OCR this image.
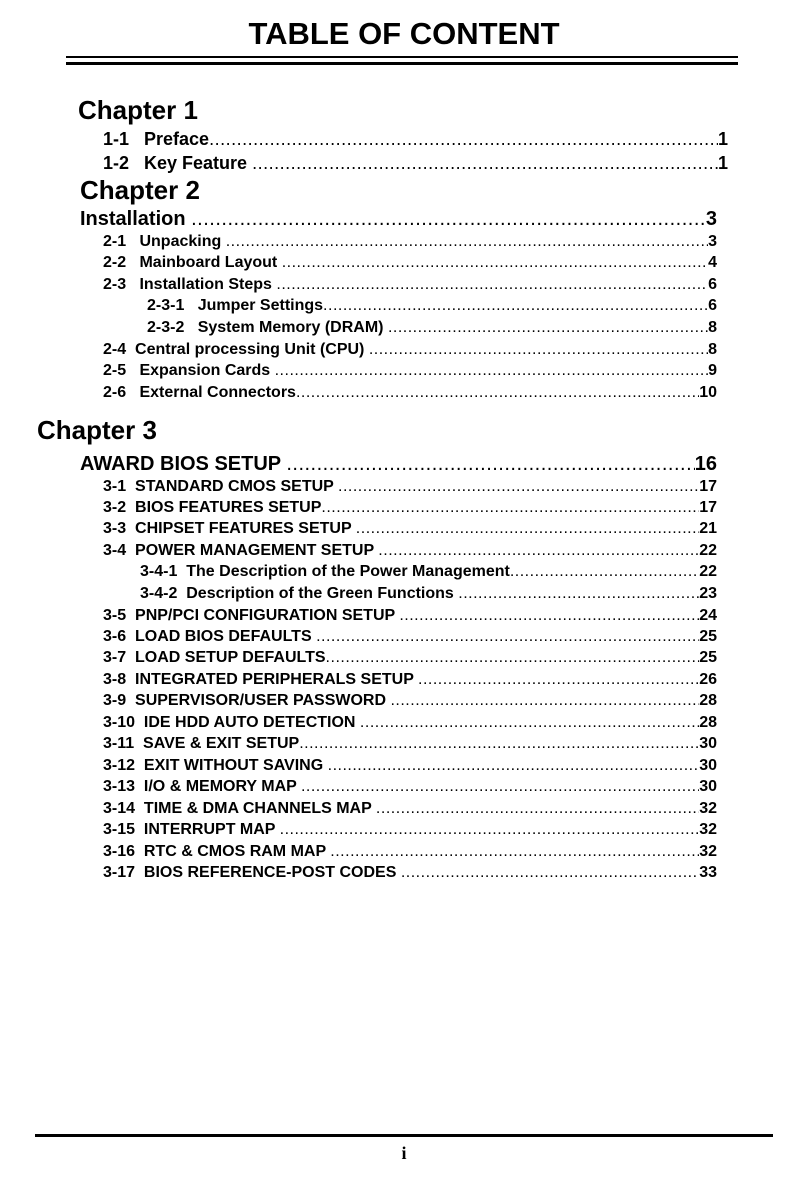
TABLE OF CONTENT
Chapter 1
1-1   Preface .....	1
1-2   Key Feature .....	1
Chapter 2
Installation .....	3
2-1   Unpacking .....	3
2-2   Mainboard Layout .....	4
2-3   Installation Steps .....	6
2-3-1   Jumper Settings .....	6
2-3-2   System Memory (DRAM) .....	8
2-4  Central processing Unit (CPU) .....	8
2-5   Expansion Cards .....	9
2-6   External Connectors .....	10
Chapter 3
AWARD BIOS SETUP .....	16
3-1  STANDARD CMOS SETUP .....	17
3-2  BIOS FEATURES SETUP .....	17
3-3  CHIPSET FEATURES SETUP .....	21
3-4  POWER MANAGEMENT SETUP .....	22
3-4-1  The Description of the Power Management .....	22
3-4-2  Description of the Green Functions .....	23
3-5  PNP/PCI CONFIGURATION SETUP .....	24
3-6  LOAD BIOS DEFAULTS .....	25
3-7  LOAD SETUP DEFAULTS .....	25
3-8  INTEGRATED PERIPHERALS SETUP .....	26
3-9  SUPERVISOR/USER PASSWORD .....	28
3-10  IDE HDD AUTO DETECTION .....	28
3-11  SAVE & EXIT SETUP .....	30
3-12  EXIT WITHOUT SAVING .....	30
3-13  I/O & MEMORY MAP .....	30
3-14  TIME & DMA CHANNELS MAP .....	32
3-15  INTERRUPT MAP .....	32
3-16  RTC & CMOS RAM MAP .....	32
3-17  BIOS REFERENCE-POST CODES .....	33
i
